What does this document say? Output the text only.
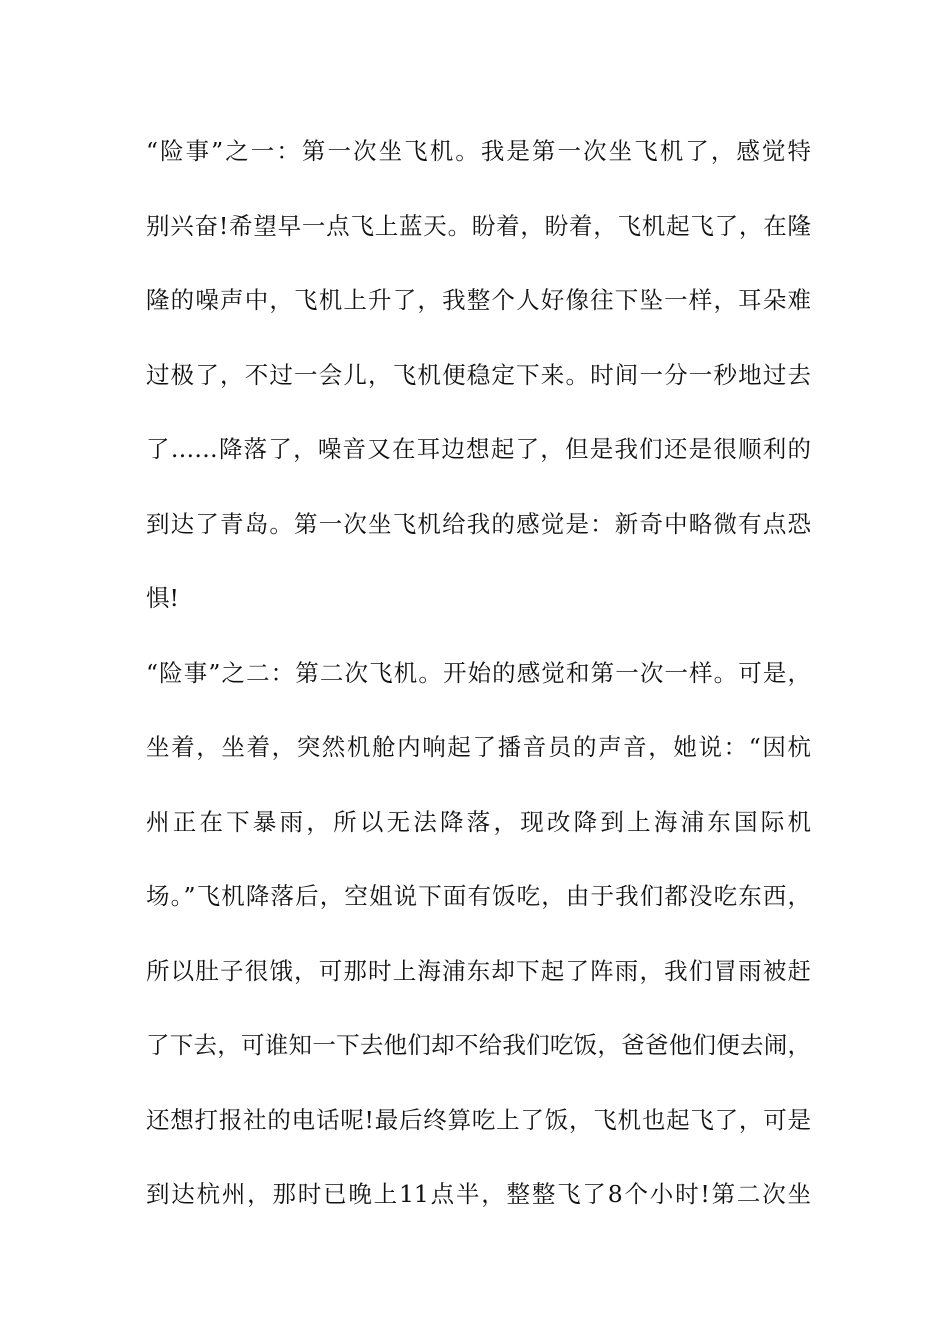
“险事”之一：第一次坐飞机。我是第一次坐飞机了，感觉特
别兴奋!希望早一点飞上蓝天。盼着，盼着，飞机起飞了，在隆
隆的噪声中，飞机上升了，我整个人好像往下坠一样，耳朵难
过极了，不过一会儿，飞机便稳定下来。时间一分一秒地过去
了……降落了，噪音又在耳边想起了，但是我们还是很顺利的
到达了青岛。第一次坐飞机给我的感觉是：新奇中略微有点恐
惧!
“险事”之二：第二次飞机。开始的感觉和第一次一样。可是，
坐着，坐着，突然机舱内响起了播音员的声音，她说：“因杭
州正在下暴雨，所以无法降落，现改降到上海浦东国际机
场。”飞机降落后，空姐说下面有饭吃，由于我们都没吃东西，
所以肚子很饿，可那时上海浦东却下起了阵雨，我们冒雨被赶
了下去，可谁知一下去他们却不给我们吃饭，爸爸他们便去闹，
还想打报社的电话呢!最后终算吃上了饭，飞机也起飞了，可是
到达杭州，那时已晚上11点半，整整飞了8个小时!第二次坐
